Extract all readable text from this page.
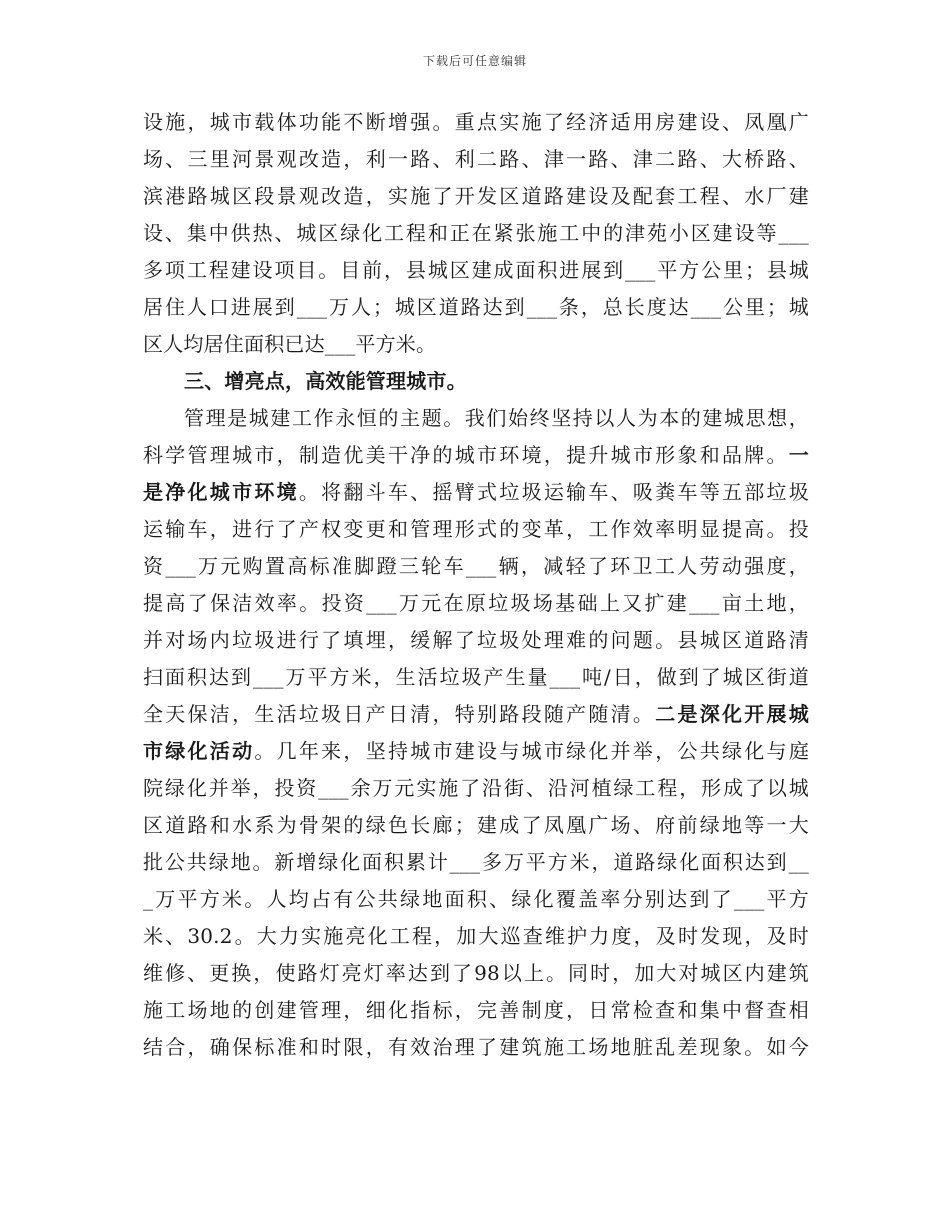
下载后可任意编辑
设施，城市载体功能不断增强。重点实施了经济适用房建设、凤凰广
场、三里河景观改造，利一路、利二路、津一路、津二路、大桥路、
滨港路城区段景观改造，实施了开发区道路建设及配套工程、水厂建
设、集中供热、城区绿化工程和正在紧张施工中的津苑小区建设等___
多项工程建设项目。目前，县城区建成面积进展到___平方公里；县城
居住人口进展到___万人；城区道路达到___条，总长度达___公里；城
区人均居住面积已达___平方米。
三、增亮点，高效能管理城市。
管理是城建工作永恒的主题。我们始终坚持以人为本的建城思想，
科学管理城市，制造优美干净的城市环境，提升城市形象和品牌。一
是净化城市环境。将翻斗车、摇臂式垃圾运输车、吸粪车等五部垃圾
运输车，进行了产权变更和管理形式的变革，工作效率明显提高。投
资___万元购置高标准脚蹬三轮车___辆，减轻了环卫工人劳动强度，
提高了保洁效率。投资___万元在原垃圾场基础上又扩建___亩土地，
并对场内垃圾进行了填埋，缓解了垃圾处理难的问题。县城区道路清
扫面积达到___万平方米，生活垃圾产生量___吨/日，做到了城区街道
全天保洁，生活垃圾日产日清，特别路段随产随清。二是深化开展城
市绿化活动。几年来，坚持城市建设与城市绿化并举，公共绿化与庭
院绿化并举，投资___余万元实施了沿街、沿河植绿工程，形成了以城
区道路和水系为骨架的绿色长廊；建成了凤凰广场、府前绿地等一大
批公共绿地。新增绿化面积累计___多万平方米，道路绿化面积达到__
_万平方米。人均占有公共绿地面积、绿化覆盖率分别达到了___平方
米、30.2。大力实施亮化工程，加大巡查维护力度，及时发现，及时
维修、更换，使路灯亮灯率达到了98以上。同时，加大对城区内建筑
施工场地的创建管理，细化指标，完善制度，日常检查和集中督查相
结合，确保标准和时限，有效治理了建筑施工场地脏乱差现象。如今
